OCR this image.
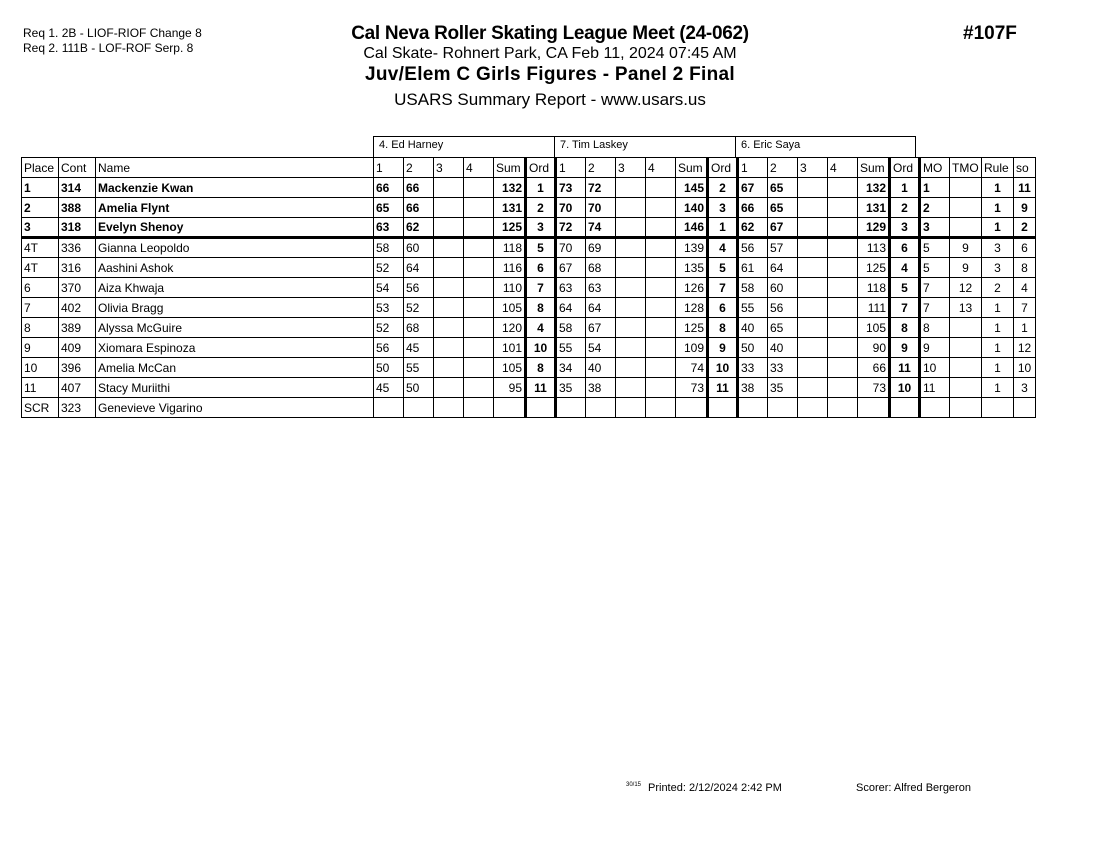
Req 1. 2B - LIOF-RIOF Change 8
Req 2. 111B - LOF-ROF Serp. 8
Cal Neva Roller Skating League Meet (24-062)
Cal Skate- Rohnert Park, CA Feb 11, 2024 07:45 AM
Juv/Elem C Girls Figures - Panel 2 Final
USARS Summary Report - www.usars.us
#107F
4. Ed Harney	7. Tim Laskey	6. Eric Saya
Place	Cont	Name	1	2	3	4	Sum	Ord	1	2	3	4	Sum	Ord	1	2	3	4	Sum	Ord	MO	TMO	Rule	so
1	314	Mackenzie Kwan	66	66			132	1	73	72			145	2	67	65			132	1	1		1	11
2	388	Amelia Flynt	65	66			131	2	70	70			140	3	66	65			131	2	2		1	9
3	318	Evelyn Shenoy	63	62			125	3	72	74			146	1	62	67			129	3	3		1	2
4T	336	Gianna Leopoldo	58	60			118	5	70	69			139	4	56	57			113	6	5	9	3	6
4T	316	Aashini Ashok	52	64			116	6	67	68			135	5	61	64			125	4	5	9	3	8
6	370	Aiza Khwaja	54	56			110	7	63	63			126	7	58	60			118	5	7	12	2	4
7	402	Olivia Bragg	53	52			105	8	64	64			128	6	55	56			111	7	7	13	1	7
8	389	Alyssa McGuire	52	68			120	4	58	67			125	8	40	65			105	8	8		1	1
9	409	Xiomara Espinoza	56	45			101	10	55	54			109	9	50	40			90	9	9		1	12
10	396	Amelia McCan	50	55			105	8	34	40			74	10	33	33			66	11	10		1	10
11	407	Stacy Muriithi	45	50			95	11	35	38			73	11	38	35			73	10	11		1	3
SCR	323	Genevieve Vigarino																						
30/15 Printed: 2/12/2024 2:42 PM	Scorer: Alfred Bergeron
